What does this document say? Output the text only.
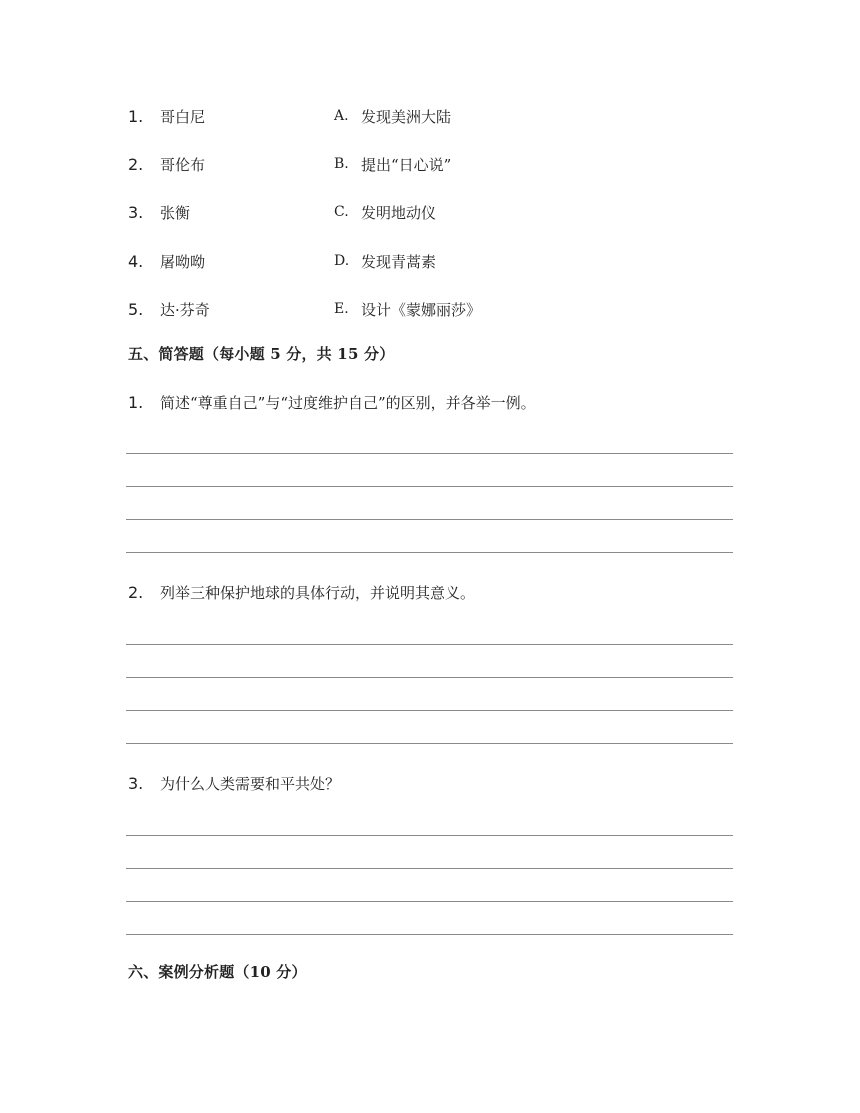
1.	哥白尼	A. 发现美洲大陆
2.	哥伦布	B. 提出“日心说”
3.	张衡	C. 发明地动仪
4.	屠呦呦	D. 发现青蒿素
5.	达·芬奇	E. 设计《蒙娜丽莎》
五、简答题（每小题 5 分，共 15 分）
1.	简述“尊重自己”与“过度维护自己”的区别，并各举一例。
2.	列举三种保护地球的具体行动，并说明其意义。
3.	为什么人类需要和平共处？
六、案例分析题（10 分）
